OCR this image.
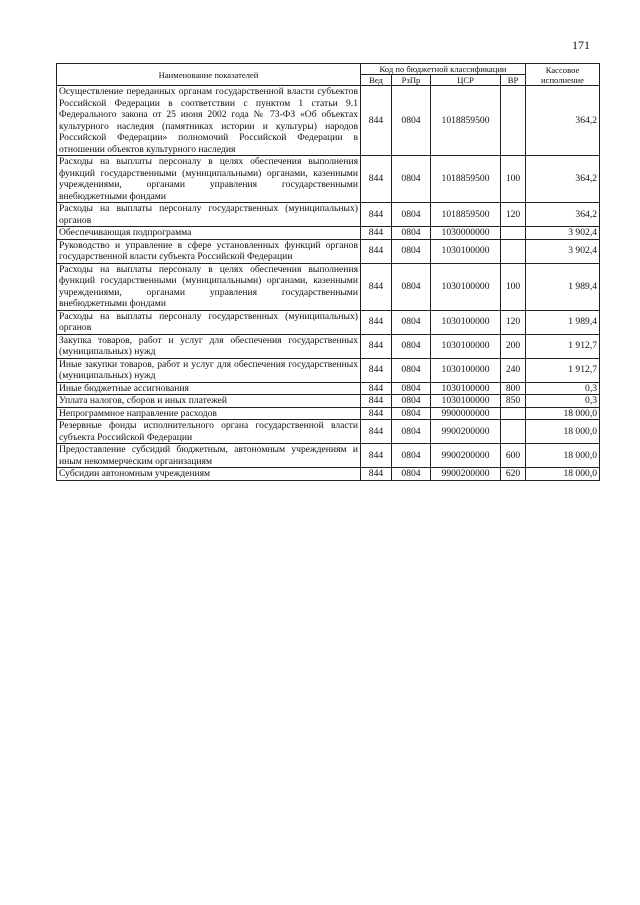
171
Наименование показателей	Код по бюджетной классификации				Кассовое исполнение
	Вед	РзПр	ЦСР	ВР	
Осуществление переданных органам государственной власти субъектов Российской Федерации в соответствии с пунктом 1 статьи 9.1 Федерального закона от 25 июня 2002 года № 73-ФЗ «Об объектах культурного наследия (памятниках истории и культуры) народов Российской Федерации» полномочий Российской Федерации в отношении объектов культурного наследия	844	0804	1018859500		364,2
Расходы на выплаты персоналу в целях обеспечения выполнения функций государственными (муниципальными) органами, казенными учреждениями, органами управления государственными внебюджетными фондами	844	0804	1018859500	100	364,2
Расходы на выплаты персоналу государственных (муниципальных) органов	844	0804	1018859500	120	364,2
Обеспечивающая подпрограмма	844	0804	1030000000		3 902,4
Руководство и управление в сфере установленных функций органов государственной власти субъекта Российской Федерации	844	0804	1030100000		3 902,4
Расходы на выплаты персоналу в целях обеспечения выполнения функций государственными (муниципальными) органами, казенными учреждениями, органами управления государственными внебюджетными фондами	844	0804	1030100000	100	1 989,4
Расходы на выплаты персоналу государственных (муниципальных) органов	844	0804	1030100000	120	1 989,4
Закупка товаров, работ и услуг для обеспечения государственных (муниципальных) нужд	844	0804	1030100000	200	1 912,7
Иные закупки товаров, работ и услуг для обеспечения государственных (муниципальных) нужд	844	0804	1030100000	240	1 912,7
Иные бюджетные ассигнования	844	0804	1030100000	800	0,3
Уплата налогов, сборов и иных платежей	844	0804	1030100000	850	0,3
Непрограммное направление расходов	844	0804	9900000000		18 000,0
Резервные фонды исполнительного органа государственной власти субъекта Российской Федерации	844	0804	9900200000		18 000,0
Предоставление субсидий бюджетным, автономным учреждениям и иным некоммерческим организациям	844	0804	9900200000	600	18 000,0
Субсидии автономным учреждениям	844	0804	9900200000	620	18 000,0
